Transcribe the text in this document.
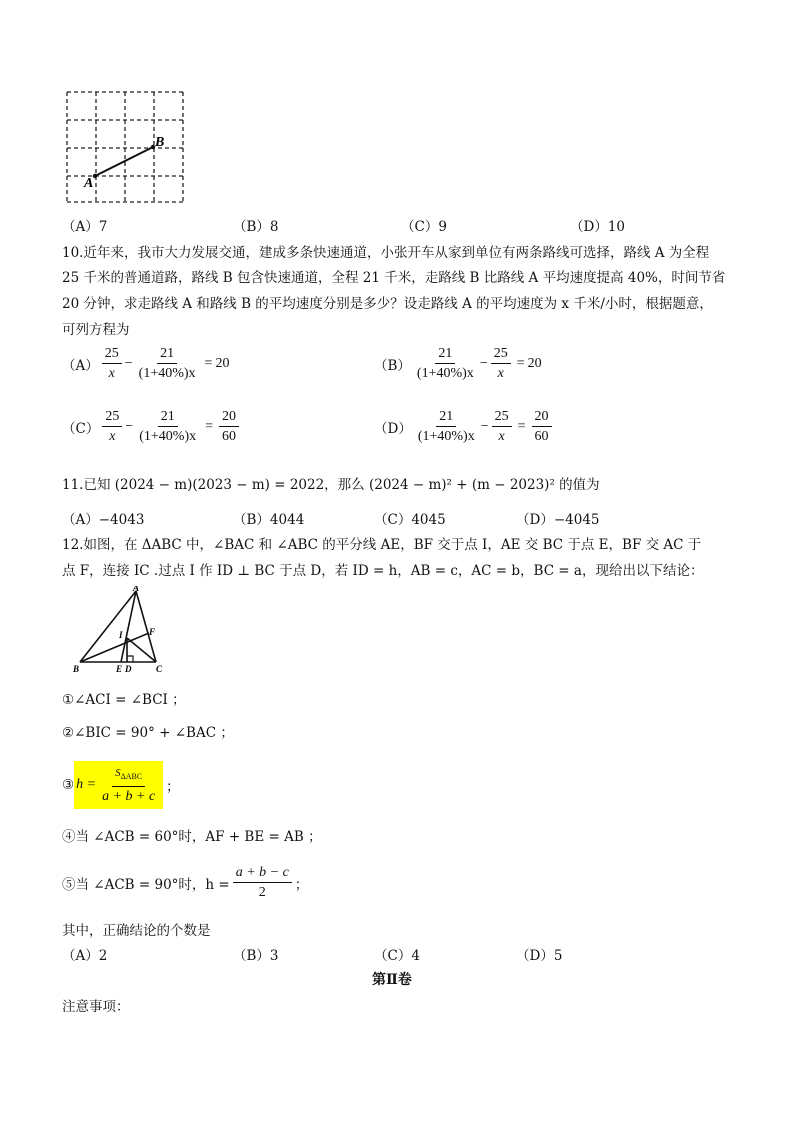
A
B
（A）7	（B）8	（C）9	（D）10
10.近年来，我市大力发展交通，建成多条快速通道，小张开车从家到单位有两条路线可选择，路线 A 为全程
25 千米的普通道路，路线 B 包含快速通道，全程 21 千米，走路线 B 比路线 A 平均速度提高 40%，时间节省
20 分钟，求走路线 A 和路线 B 的平均速度分别是多少？设走路线 A 的平均速度为 x 千米/小时，根据题意，
可列方程为
$(A) \frac{25}{x} - \frac{21}{(1+40\%)x} = 20$	$(B) \frac{21}{(1+40\%)x} - \frac{25}{x} = 20$
$(C) \frac{25}{x} - \frac{21}{(1+40\%)x} = \frac{20}{60}$	$(D) \frac{21}{(1+40\%)x} - \frac{25}{x} = \frac{20}{60}$
11.已知 (2024 − m)(2023 − m) = 2022，那么 (2024 − m)² + (m − 2023)² 的值为
（A）−4043	（B）4044	（C）4045	（D）−4045
12.如图，在 ΔABC 中，∠BAC 和 ∠ABC 的平分线 AE，BF 交于点 I，AE 交 BC 于点 E，BF 交 AC 于
点 F，连接 IC .过点 I 作 ID ⊥ BC 于点 D，若 ID = h，AB = c，AC = b，BC = a，现给出以下结论：
A
B	C
E D
F
I
①∠ACI = ∠BCI ；
②∠BIC = 90° + ∠BAC ；
③ $h = \frac{S_{\Delta ABC}}{a + b + c}$ ；
④当 ∠ACB = 60°时，AF + BE = AB ；
⑤当 ∠ACB = 90°时，$h = \frac{a + b - c}{2}$ ；
其中，正确结论的个数是
（A）2	（B）3	（C）4	（D）5
第Ⅱ卷
注意事项：
